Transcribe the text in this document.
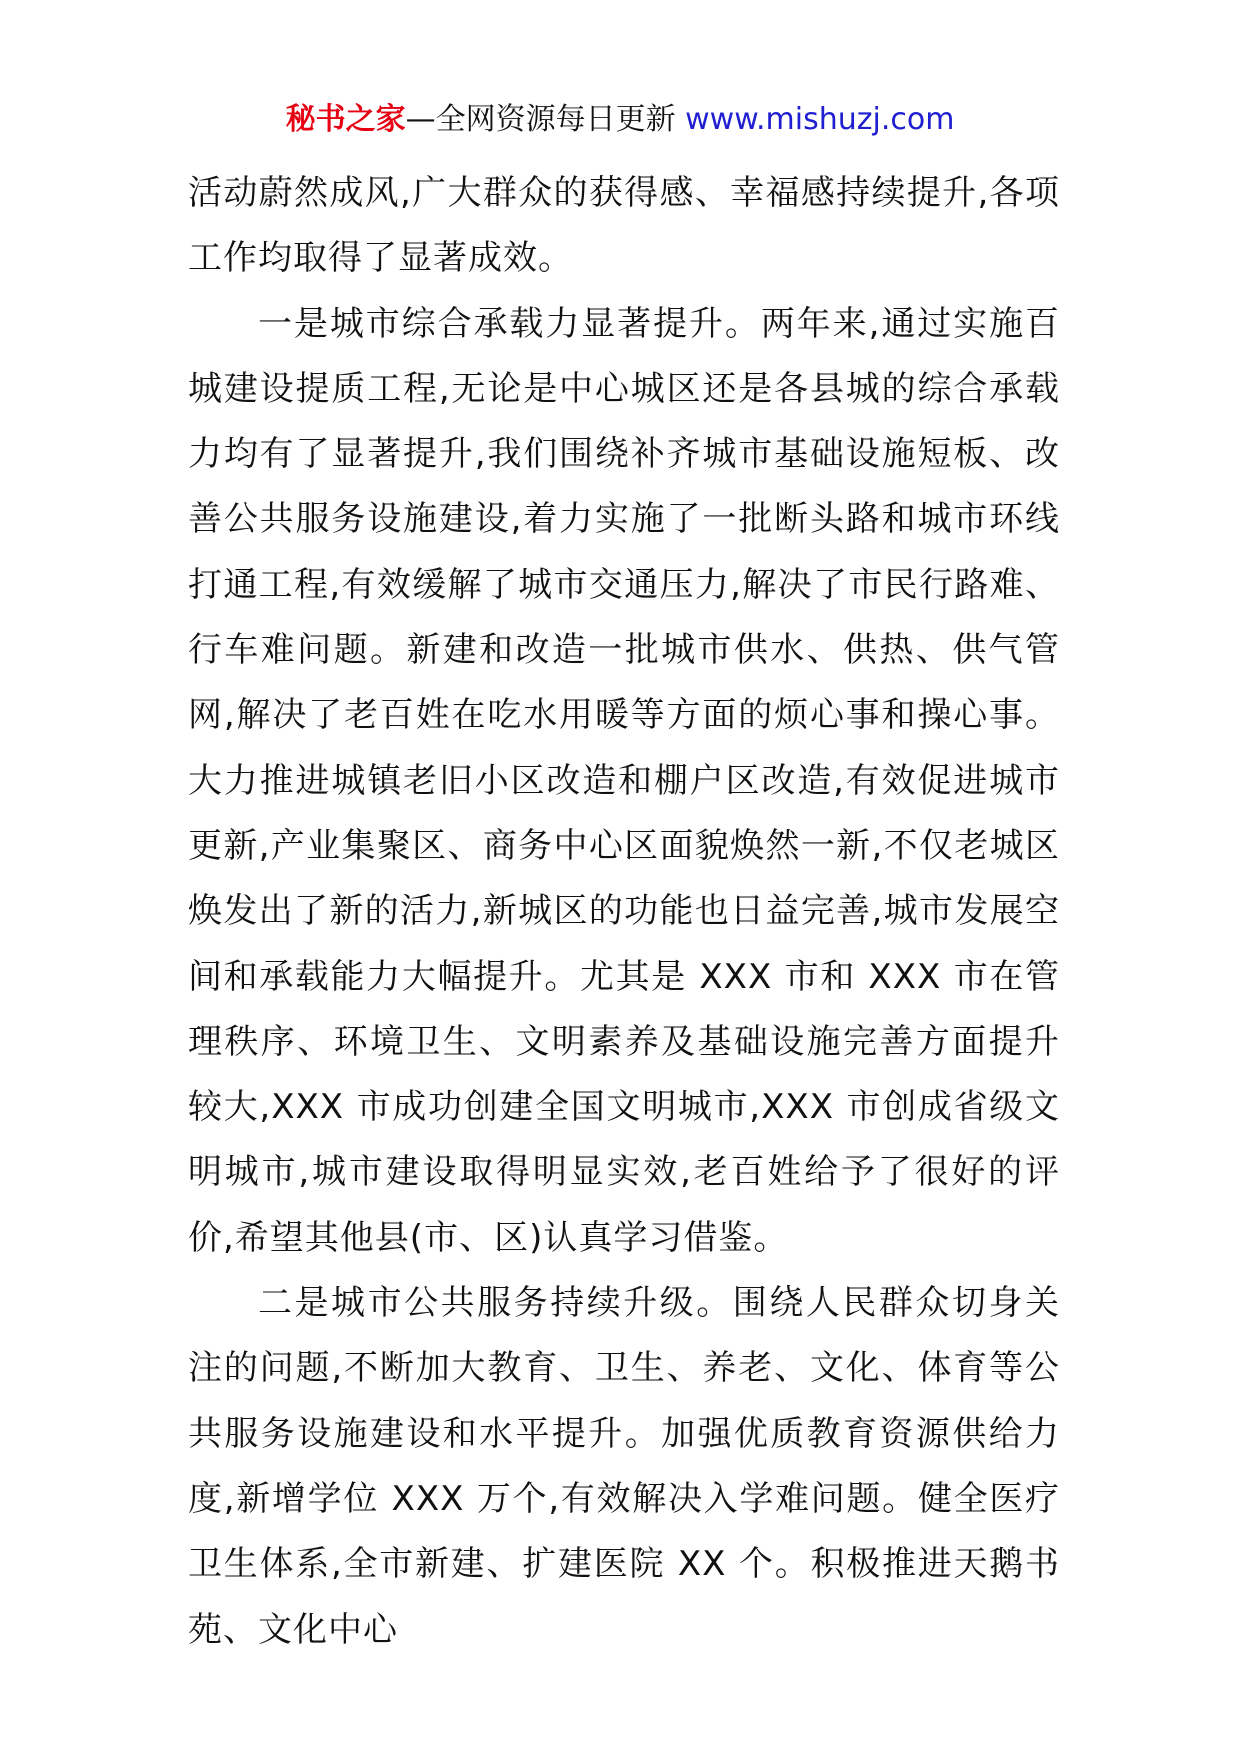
秘书之家—全网资源每日更新 www.mishuzj.com

活动蔚然成风,广大群众的获得感、幸福感持续提升,各项工作均取得了显著成效。

一是城市综合承载力显著提升。两年来,通过实施百城建设提质工程,无论是中心城区还是各县城的综合承载力均有了显著提升,我们围绕补齐城市基础设施短板、改善公共服务设施建设,着力实施了一批断头路和城市环线打通工程,有效缓解了城市交通压力,解决了市民行路难、行车难问题。新建和改造一批城市供水、供热、供气管网,解决了老百姓在吃水用暖等方面的烦心事和操心事。大力推进城镇老旧小区改造和棚户区改造,有效促进城市更新,产业集聚区、商务中心区面貌焕然一新,不仅老城区焕发出了新的活力,新城区的功能也日益完善,城市发展空间和承载能力大幅提升。尤其是 XXX 市和 XXX 市在管理秩序、环境卫生、文明素养及基础设施完善方面提升较大,XXX 市成功创建全国文明城市,XXX 市创成省级文明城市,城市建设取得明显实效,老百姓给予了很好的评价,希望其他县(市、区)认真学习借鉴。

二是城市公共服务持续升级。围绕人民群众切身关注的问题,不断加大教育、卫生、养老、文化、体育等公共服务设施建设和水平提升。加强优质教育资源供给力度,新增学位 XXX 万个,有效解决入学难问题。健全医疗卫生体系,全市新建、扩建医院 XX 个。积极推进天鹅书苑、文化中心
